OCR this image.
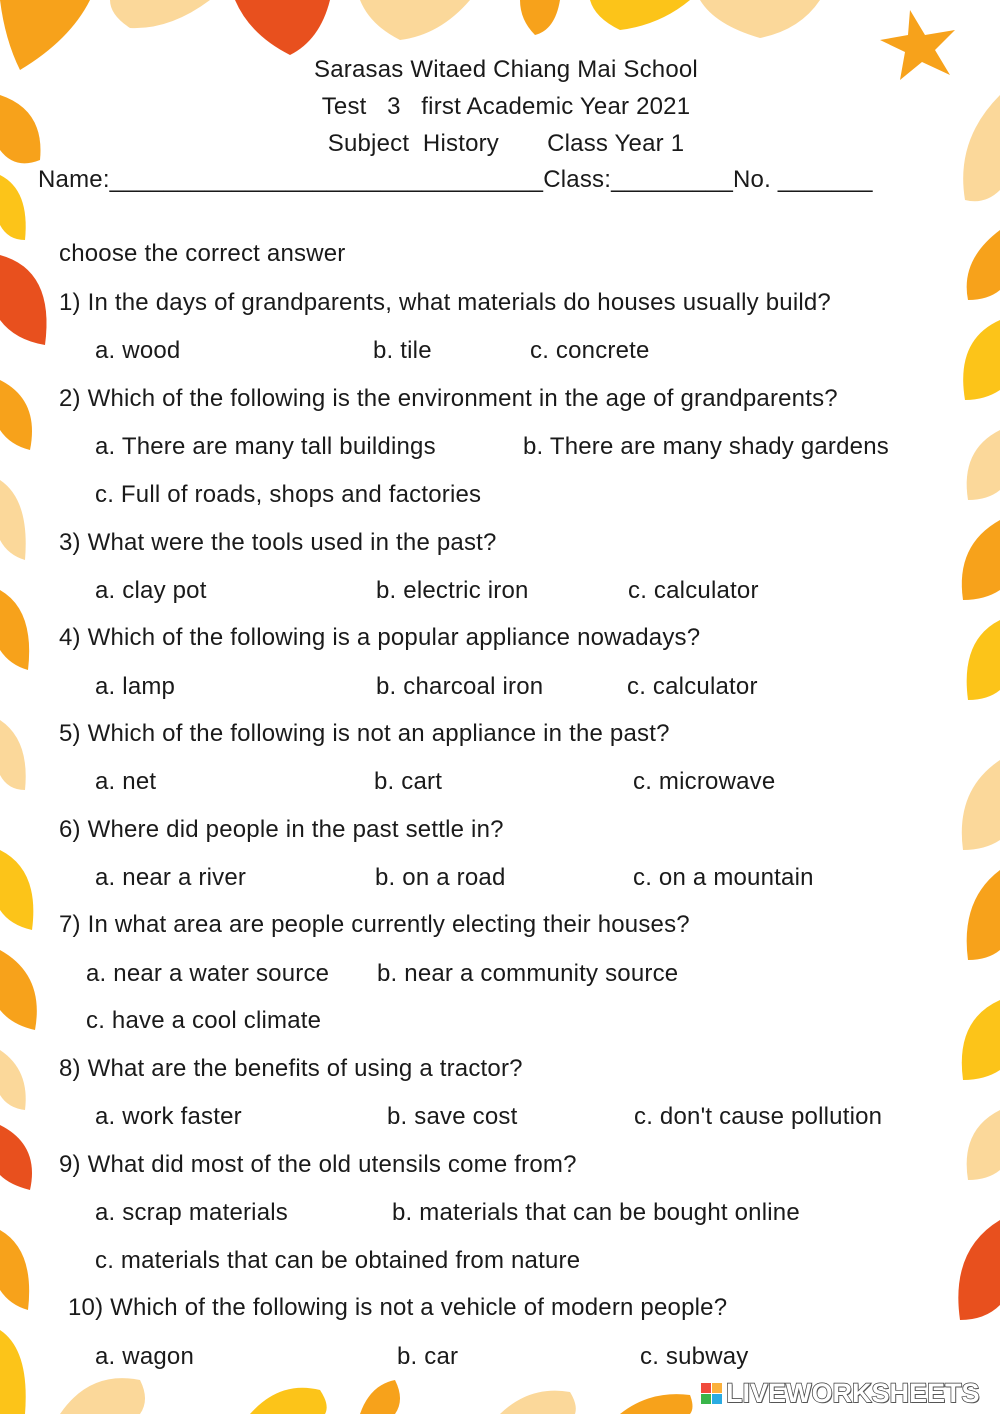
Sarasas Witaed Chiang Mai School
Test   3   first Academic Year 2021
Subject  History       Class Year 1
Name:________________________________Class:_________No. _______
choose the correct answer
1) In the days of grandparents, what materials do houses usually build?
a. wood	b. tile	c. concrete
2) Which of the following is the environment in the age of grandparents?
a. There are many tall buildings	b. There are many shady gardens
c. Full of roads, shops and factories
3) What were the tools used in the past?
a. clay pot	b. electric iron	c. calculator
4) Which of the following is a popular appliance nowadays?
a. lamp	b. charcoal iron	c. calculator
5) Which of the following is not an appliance in the past?
a. net	b. cart	c. microwave
6) Where did people in the past settle in?
a. near a river	b. on a road	c. on a mountain
7) In what area are people currently electing their houses?
a. near a water source b. near a community source
c. have a cool climate
8) What are the benefits of using a tractor?
a. work faster	b. save cost	c. don't cause pollution
9) What did most of the old utensils come from?
a. scrap materials	b. materials that can be bought online
c. materials that can be obtained from nature
10) Which of the following is not a vehicle of modern people?
a. wagon	b. car	c. subway
LIVEWORKSHEETS
